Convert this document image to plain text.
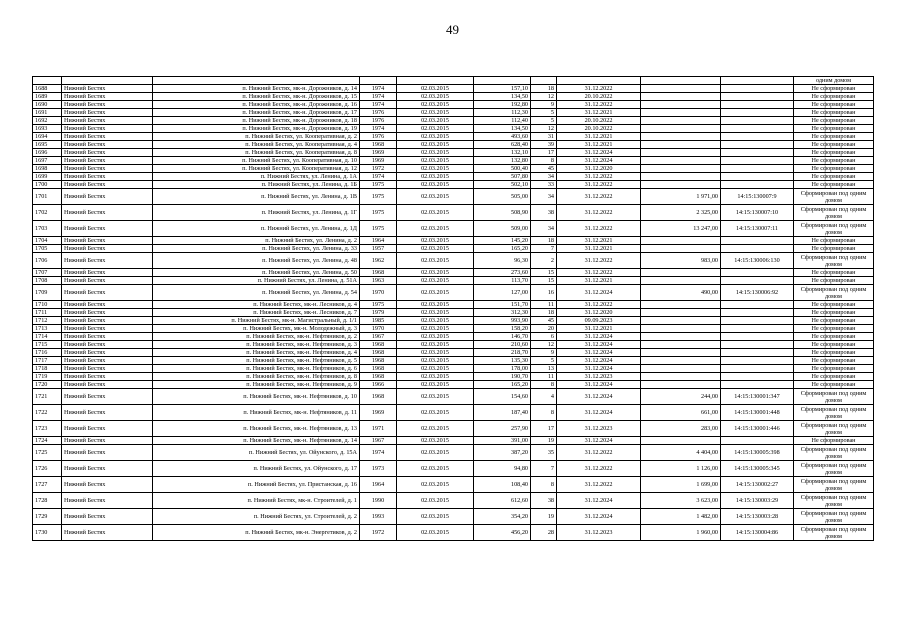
49
										одним домом
1688	Нижний Бестях	п. Нижний Бестях, мк-н. Дорожников, д. 14	1974	02.03.2015	157,10	18	31.12.2022			Не сформирован
1689	Нижний Бестях	п. Нижний Бестях, мк-н. Дорожников, д. 15	1974	02.03.2015	134,50	12	20.10.2022			Не сформирован
1690	Нижний Бестях	п. Нижний Бестях, мк-н. Дорожников, д. 16	1974	02.03.2015	192,80	9	31.12.2022			Не сформирован
1691	Нижний Бестях	п. Нижний Бестях, мк-н. Дорожников, д. 17	1976	02.03.2015	112,30	5	31.12.2021			Не сформирован
1692	Нижний Бестях	п. Нижний Бестях, мк-н. Дорожников, д. 18	1976	02.03.2015	112,40	5	20.10.2022			Не сформирован
1693	Нижний Бестях	п. Нижний Бестях, мк-н. Дорожников, д. 19	1974	02.03.2015	134,50	12	20.10.2022			Не сформирован
1694	Нижний Бестях	п. Нижний Бестях, ул. Кооперативная, д. 2	1976	02.03.2015	493,60	31	31.12.2021			Не сформирован
1695	Нижний Бестях	п. Нижний Бестях, ул. Кооперативная, д. 4	1968	02.03.2015	628,40	39	31.12.2021			Не сформирован
1696	Нижний Бестях	п. Нижний Бестях, ул. Кооперативная, д. 8	1969	02.03.2015	132,10	17	31.12.2024			Не сформирован
1697	Нижний Бестях	п. Нижний Бестях, ул. Кооперативная, д. 10	1969	02.03.2015	132,80	8	31.12.2024			Не сформирован
1698	Нижний Бестях	п. Нижний Бестях, ул. Кооперативная, д. 12	1972	02.03.2015	500,40	45	31.12.2020			Не сформирован
1699	Нижний Бестях	п. Нижний Бестях, ул. Ленина, д. 1А	1974	02.03.2015	507,80	34	31.12.2022			Не сформирован
1700	Нижний Бестях	п. Нижний Бестях, ул. Ленина, д. 1Б	1975	02.03.2015	502,10	33	31.12.2022			Не сформирован
1701	Нижний Бестях	п. Нижний Бестях, ул. Ленина, д. 1В	1975	02.03.2015	505,00	34	31.12.2022	1 971,00	14:15:130007:9	Сформирован под одним домом
1702	Нижний Бестях	п. Нижний Бестях, ул. Ленина, д. 1Г	1975	02.03.2015	508,90	38	31.12.2022	2 325,00	14:15:130007:10	Сформирован под одним домом
1703	Нижний Бестях	п. Нижний Бестях, ул. Ленина, д. 1Д	1975	02.03.2015	509,00	34	31.12.2022	13 247,00	14:15:130007:11	Сформирован под одним домом
1704	Нижний Бестях	п. Нижний Бестях, ул. Ленина, д. 2	1964	02.03.2015	145,20	18	31.12.2021			Не сформирован
1705	Нижний Бестях	п. Нижний Бестях, ул. Ленина, д. 33	1957	02.03.2015	165,20	7	31.12.2021			Не сформирован
1706	Нижний Бестях	п. Нижний Бестях, ул. Ленина, д. 48	1962	02.03.2015	96,30	2	31.12.2022	983,00	14:15:130006:130	Сформирован под одним домом
1707	Нижний Бестях	п. Нижний Бестях, ул. Ленина, д. 50	1968	02.03.2015	273,60	15	31.12.2022			Не сформирован
1708	Нижний Бестях	п. Нижний Бестях, ул. Ленина, д. 51А	1963	02.03.2015	113,70	15	31.12.2021			Не сформирован
1709	Нижний Бестях	п. Нижний Бестях, ул. Ленина, д. 54	1970	02.03.2015	127,00	16	31.12.2024	490,00	14:15:130006:92	Сформирован под одним домом
1710	Нижний Бестях	п. Нижний Бестях, мк-н. Лесников, д. 4	1975	02.03.2015	151,70	11	31.12.2022			Не сформирован
1711	Нижний Бестях	п. Нижний Бестях, мк-н. Лесников, д. 7	1979	02.03.2015	312,30	18	31.12.2020			Не сформирован
1712	Нижний Бестях	п. Нижний Бестях, мк-н. Магистральный, д. 1/1	1985	02.03.2015	993,90	45	09.09.2023			Не сформирован
1713	Нижний Бестях	п. Нижний Бестях, мк-н. Молодежный, д. 3	1970	02.03.2015	158,20	20	31.12.2021			Не сформирован
1714	Нижний Бестях	п. Нижний Бестях, мк-н. Нефтяников, д. 2	1967	02.03.2015	146,70	6	31.12.2024			Не сформирован
1715	Нижний Бестях	п. Нижний Бестях, мк-н. Нефтяников, д. 3	1968	02.03.2015	210,60	12	31.12.2024			Не сформирован
1716	Нижний Бестях	п. Нижний Бестях, мк-н. Нефтяников, д. 4	1968	02.03.2015	218,70	9	31.12.2024			Не сформирован
1717	Нижний Бестях	п. Нижний Бестях, мк-н. Нефтяников, д. 5	1968	02.03.2015	135,30	5	31.12.2024			Не сформирован
1718	Нижний Бестях	п. Нижний Бестях, мк-н. Нефтяников, д. 6	1968	02.03.2015	178,00	13	31.12.2024			Не сформирован
1719	Нижний Бестях	п. Нижний Бестях, мк-н. Нефтяников, д. 8	1968	02.03.2015	190,70	11	31.12.2023			Не сформирован
1720	Нижний Бестях	п. Нижний Бестях, мк-н. Нефтяников, д. 9	1966	02.03.2015	165,20	8	31.12.2024			Не сформирован
1721	Нижний Бестях	п. Нижний Бестях, мк-н. Нефтяников, д. 10	1968	02.03.2015	154,60	4	31.12.2024	244,00	14:15:130001:347	Сформирован под одним домом
1722	Нижний Бестях	п. Нижний Бестях, мк-н. Нефтяников, д. 11	1969	02.03.2015	187,40	8	31.12.2024	661,00	14:15:130001:448	Сформирован под одним домом
1723	Нижний Бестях	п. Нижний Бестях, мк-н. Нефтяников, д. 13	1971	02.03.2015	257,90	17	31.12.2023	283,00	14:15:130001:446	Сформирован под одним домом
1724	Нижний Бестях	п. Нижний Бестях, мк-н. Нефтяников, д. 14	1967	02.03.2015	391,00	19	31.12.2024			Не сформирован
1725	Нижний Бестях	п. Нижний Бестях, ул. Ойунского, д. 15А	1974	02.03.2015	387,20	35	31.12.2022	4 404,00	14:15:130005:398	Сформирован под одним домом
1726	Нижний Бестях	п. Нижний Бестях, ул. Ойунского, д. 17	1973	02.03.2015	94,80	7	31.12.2022	1 126,00	14:15:130005:345	Сформирован под одним домом
1727	Нижний Бестях	п. Нижний Бестях, ул. Пристанская, д. 16	1964	02.03.2015	108,40	8	31.12.2022	1 699,00	14:15:130002:27	Сформирован под одним домом
1728	Нижний Бестях	п. Нижний Бестях, мк-н. Строителей, д. 1	1990	02.03.2015	612,60	38	31.12.2024	3 623,00	14:15:130003:29	Сформирован под одним домом
1729	Нижний Бестях	п. Нижний Бестях, ул. Строителей, д. 2	1993	02.03.2015	354,20	19	31.12.2024	1 482,00	14:15:130003:28	Сформирован под одним домом
1730	Нижний Бестях	п. Нижний Бестях, мк-н. Энергетиков, д. 2	1972	02.03.2015	456,20	28	31.12.2023	1 960,00	14:15:130004:86	Сформирован под одним домом
